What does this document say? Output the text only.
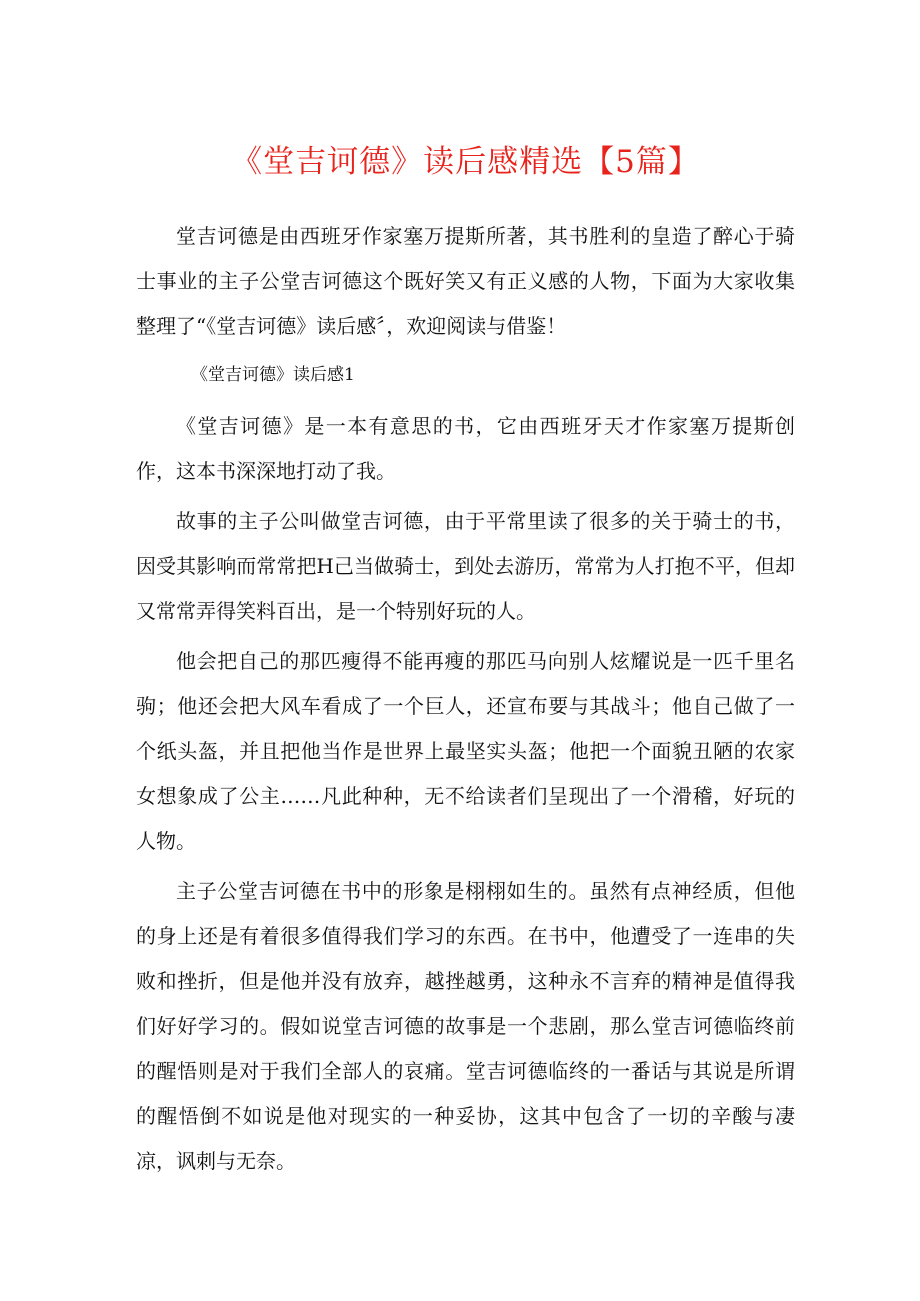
《堂吉诃德》读后感精选【5篇】

堂吉诃德是由西班牙作家塞万提斯所著，其书胜利的皇造了醉心于骑士事业的主子公堂吉诃德这个既好笑又有正义感的人物，下面为大家收集整理了“《堂吉诃德》读后感〞，欢迎阅读与借鉴！

《堂吉诃德》读后感1

《堂吉诃德》是一本有意思的书，它由西班牙天才作家塞万提斯创作，这本书深深地打动了我。

故事的主子公叫做堂吉诃德，由于平常里读了很多的关于骑士的书，因受其影响而常常把H己当做骑士，到处去游历，常常为人打抱不平，但却又常常弄得笑料百出，是一个特别好玩的人。

他会把自己的那匹瘦得不能再瘦的那匹马向别人炫耀说是一匹千里名驹；他还会把大风车看成了一个巨人，还宣布要与其战斗；他自己做了一个纸头盔，并且把他当作是世界上最坚实头盔；他把一个面貌丑陋的农家女想象成了公主……凡此种种，无不给读者们呈现出了一个滑稽，好玩的人物。

主子公堂吉诃德在书中的形象是栩栩如生的。虽然有点神经质，但他的身上还是有着很多值得我们学习的东西。在书中，他遭受了一连串的失败和挫折，但是他并没有放弃，越挫越勇，这种永不言弃的精神是值得我们好好学习的。假如说堂吉诃德的故事是一个悲剧，那么堂吉诃德临终前的醒悟则是对于我们全部人的哀痛。堂吉诃德临终的一番话与其说是所谓的醒悟倒不如说是他对现实的一种妥协，这其中包含了一切的辛酸与凄凉，讽刺与无奈。
